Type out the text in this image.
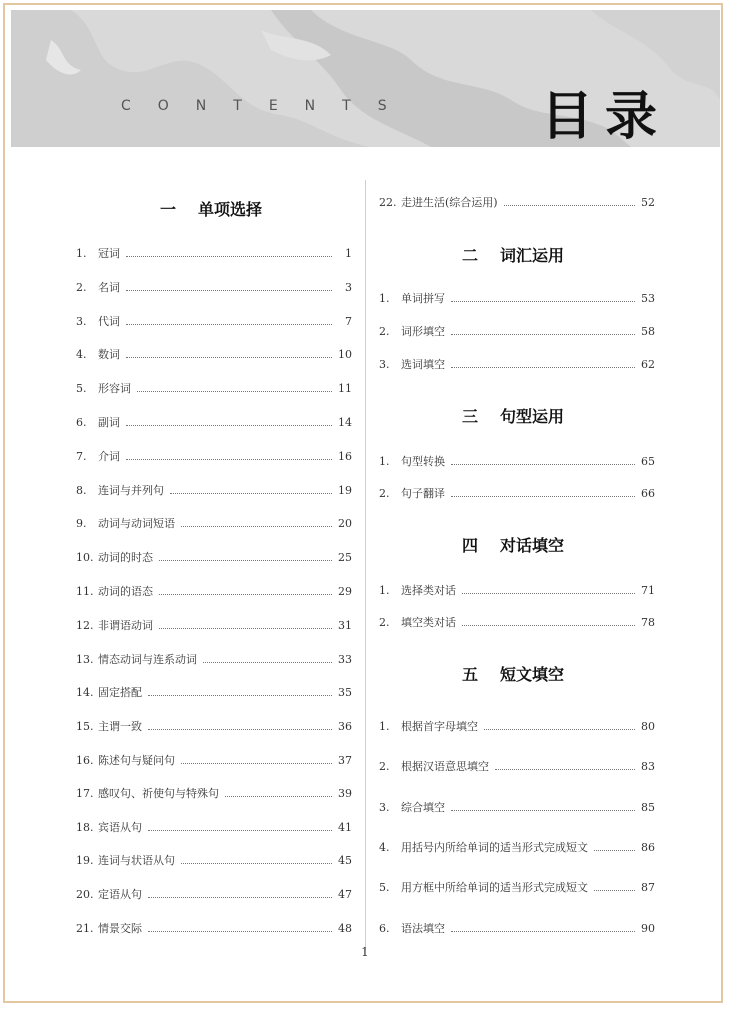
CONTENTS 目录
一 单项选择
1.	冠词	1
2.	名词	3
3.	代词	7
4.	数词	10
5.	形容词	11
6.	副词	14
7.	介词	16
8.	连词与并列句	19
9.	动词与动词短语	20
10. 动词的时态	25
11. 动词的语态	29
12. 非谓语动词	31
13. 情态动词与连系动词	33
14. 固定搭配	35
15. 主谓一致	36
16. 陈述句与疑问句	37
17. 感叹句、祈使句与特殊句	39
18. 宾语从句	41
19. 连词与状语从句	45
20. 定语从句	47
21. 情景交际	48
22. 走进生活(综合运用)	52
二 词汇运用
1.	单词拼写	53
2.	词形填空	58
3.	选词填空	62
三 句型运用
1.	句型转换	65
2.	句子翻译	66
四 对话填空
1.	选择类对话	71
2.	填空类对话	78
五 短文填空
1.	根据首字母填空	80
2.	根据汉语意思填空	83
3.	综合填空	85
4.	用括号内所给单词的适当形式完成短文	86
5.	用方框中所给单词的适当形式完成短文	87
6.	语法填空	90
1
